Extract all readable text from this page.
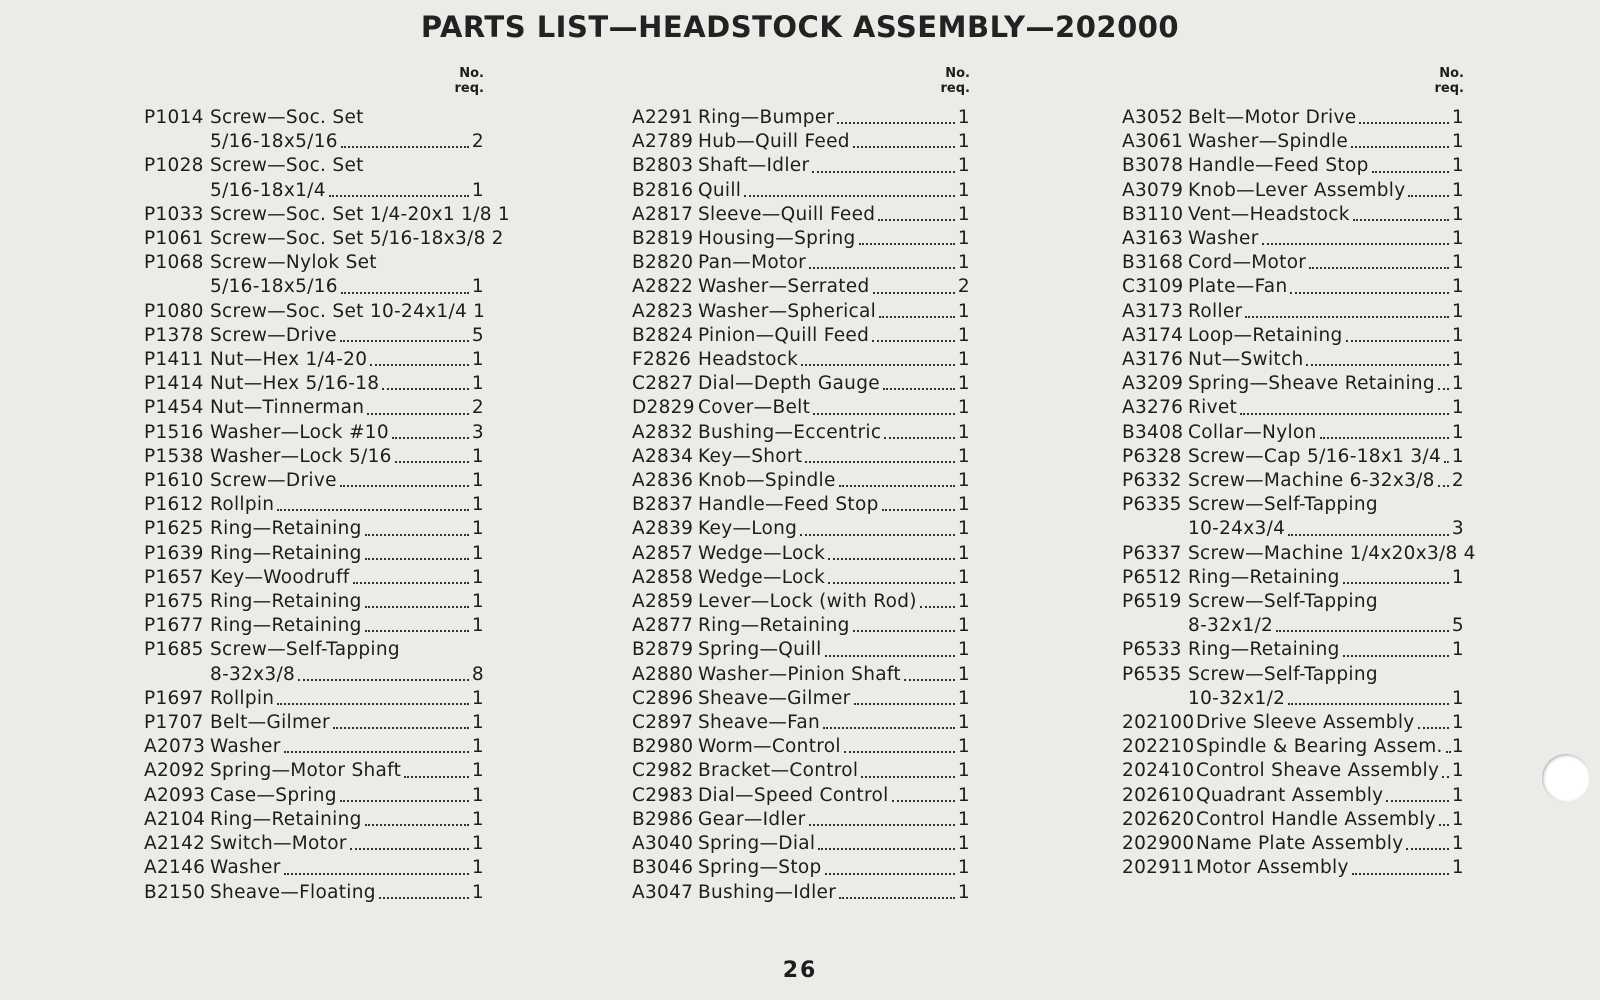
PARTS LIST—HEADSTOCK ASSEMBLY—202000
No.
req.
P1014 Screw—Soc. Set
5/16-18x5/16	2
P1028 Screw—Soc. Set
5/16-18x1/4	1
P1033 Screw—Soc. Set 1/4-20x1 1/8 1
P1061 Screw—Soc. Set 5/16-18x3/8 2
P1068 Screw—Nylok Set
5/16-18x5/16	1
P1080 Screw—Soc. Set 10-24x1/4 1
P1378 Screw—Drive	5
P1411 Nut—Hex 1/4-20	1
P1414 Nut—Hex 5/16-18	1
P1454 Nut—Tinnerman	2
P1516 Washer—Lock #10	3
P1538 Washer—Lock 5/16	1
P1610 Screw—Drive	1
P1612 Rollpin	1
P1625 Ring—Retaining	1
P1639 Ring—Retaining	1
P1657 Key—Woodruff	1
P1675 Ring—Retaining	1
P1677 Ring—Retaining	1
P1685 Screw—Self-Tapping
8-32x3/8	8
P1697 Rollpin	1
P1707 Belt—Gilmer	1
A2073 Washer	1
A2092 Spring—Motor Shaft	1
A2093 Case—Spring	1
A2104 Ring—Retaining	1
A2142 Switch—Motor	1
A2146 Washer	1
B2150 Sheave—Floating	1
No.
req.
A2291 Ring—Bumper	1
A2789 Hub—Quill Feed	1
B2803 Shaft—Idler	1
B2816 Quill	1
A2817 Sleeve—Quill Feed	1
B2819 Housing—Spring	1
B2820 Pan—Motor	1
A2822 Washer—Serrated	2
A2823 Washer—Spherical	1
B2824 Pinion—Quill Feed	1
F2826 Headstock	1
C2827 Dial—Depth Gauge	1
D2829 Cover—Belt	1
A2832 Bushing—Eccentric	1
A2834 Key—Short	1
A2836 Knob—Spindle	1
B2837 Handle—Feed Stop	1
A2839 Key—Long	1
A2857 Wedge—Lock	1
A2858 Wedge—Lock	1
A2859 Lever—Lock (with Rod) 1
A2877 Ring—Retaining	1
B2879 Spring—Quill	1
A2880 Washer—Pinion Shaft	1
C2896 Sheave—Gilmer	1
C2897 Sheave—Fan	1
B2980 Worm—Control	1
C2982 Bracket—Control	1
C2983 Dial—Speed Control	1
B2986 Gear—Idler	1
A3040 Spring—Dial	1
B3046 Spring—Stop	1
A3047 Bushing—Idler	1
No.
req.
A3052 Belt—Motor Drive	1
A3061 Washer—Spindle	1
B3078 Handle—Feed Stop	1
A3079 Knob—Lever Assembly	1
B3110 Vent—Headstock	1
A3163 Washer	1
B3168 Cord—Motor	1
C3109 Plate—Fan	1
A3173 Roller	1
A3174 Loop—Retaining	1
A3176 Nut—Switch	1
A3209 Spring—Sheave Retaining 1
A3276 Rivet	1
B3408 Collar—Nylon	1
P6328 Screw—Cap 5/16-18x1 3/4 1
P6332 Screw—Machine 6-32x3/8 2
P6335 Screw—Self-Tapping
10-24x3/4	3
P6337 Screw—Machine 1/4x20x3/8 4
P6512 Ring—Retaining	1
P6519 Screw—Self-Tapping
8-32x1/2	5
P6533 Ring—Retaining	1
P6535 Screw—Self-Tapping
10-32x1/2	1
202100 Drive Sleeve Assembly 1
202210 Spindle & Bearing Assem. 1
202410 Control Sheave Assembly 1
202610 Quadrant Assembly	1
202620 Control Handle Assembly 1
202900 Name Plate Assembly	1
202911 Motor Assembly	1
26
